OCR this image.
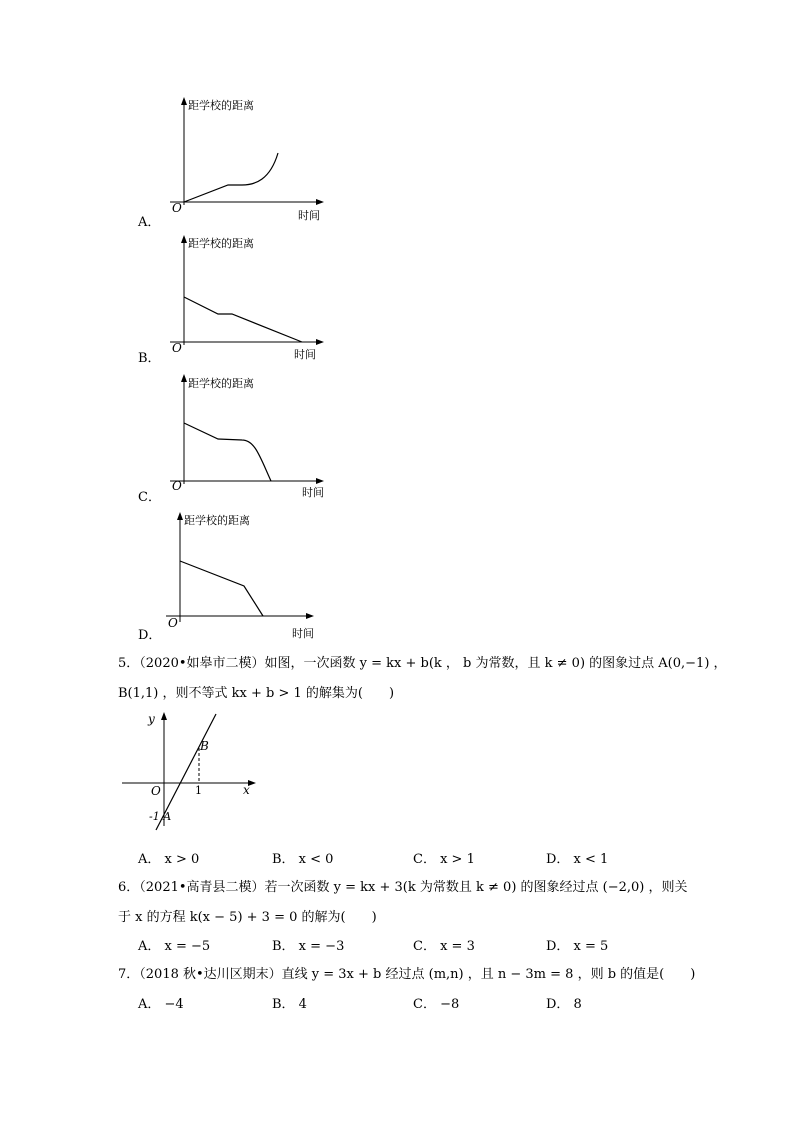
距学校的距离
时间
O
A．
距学校的距离
时间
O
B．
距学校的距离
时间
O
C．
距学校的距离
时间
O
D．
5．（2020•如皋市二模）如图，一次函数 y = kx + b(k ， b 为常数，且 k ≠ 0) 的图象过点 A(0,−1) ，
B(1,1) ，则不等式 kx + b > 1 的解集为(　　)
y
x
O
B
1
-1 A
A． x > 0	B． x < 0	C． x > 1	D． x < 1
6．（2021•高青县二模）若一次函数 y = kx + 3(k 为常数且 k ≠ 0) 的图象经过点 (−2,0) ，则关
于 x 的方程 k(x − 5) + 3 = 0 的解为(　　)
A． x = −5	B． x = −3	C． x = 3	D． x = 5
7．（2018 秋•达川区期末）直线 y = 3x + b 经过点 (m,n) ，且 n − 3m = 8 ，则 b 的值是(　　)
A． −4	B． 4	C． −8	D． 8
